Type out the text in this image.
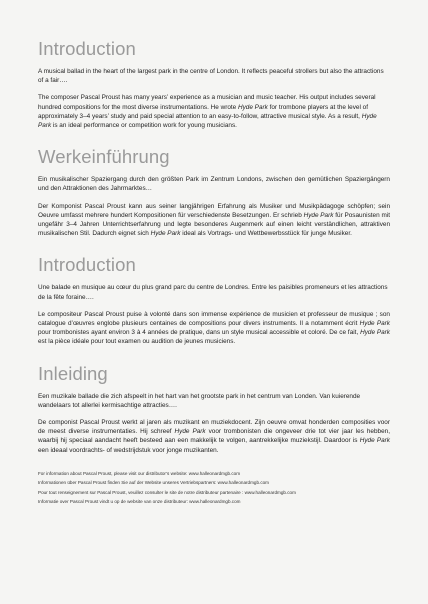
Introduction

A musical ballad in the heart of the largest park in the centre of London. It reflects peaceful strollers but also the attractions of a fair….

The composer Pascal Proust has many years’ experience as a musician and music teacher. His output includes several hundred compositions for the most diverse instrumentations. He wrote Hyde Park for trombone players at the level of approximately 3–4 years’ study and paid special attention to an easy-to-follow, attractive musical style. As a result, Hyde Park is an ideal performance or competition work for young musicians.

Werkeinführung

Ein musikalischer Spaziergang durch den größten Park im Zentrum Londons, zwischen den gemütlichen Spaziergängern und den Attraktionen des Jahrmarktes…

Der Komponist Pascal Proust kann aus seiner langjährigen Erfahrung als Musiker und Musikpädagoge schöpfen; sein Oeuvre umfasst mehrere hundert Kompositionen für verschiedenste Besetzungen. Er schrieb Hyde Park für Posaunisten mit ungefähr 3–4 Jahren Unterrichtserfahrung und legte besonderes Augenmerk auf einen leicht verständlichen, attraktiven musikalischen Stil. Dadurch eignet sich Hyde Park ideal als Vortrags- und Wettbewerbsstück für junge Musiker.

Introduction

Une balade en musique au cœur du plus grand parc du centre de Londres. Entre les paisibles promeneurs et les attractions de la fête foraine….

Le compositeur Pascal Proust puise à volonté dans son immense expérience de musicien et professeur de musique ; son catalogue d’œuvres englobe plusieurs centaines de compositions pour divers instruments. Il a notamment écrit Hyde Park pour trombonistes ayant environ 3 à 4 années de pratique, dans un style musical accessible et coloré. De ce fait, Hyde Park est la pièce idéale pour tout examen ou audition de jeunes musiciens.

Inleiding

Een muzikale ballade die zich afspeelt in het hart van het grootste park in het centrum van Londen. Van kuierende wandelaars tot allerlei kermisachtige attracties….

De componist Pascal Proust werkt al jaren als muzikant en muziekdocent. Zijn oeuvre omvat honderden composities voor de meest diverse instrumentaties. Hij schreef Hyde Park voor trombonisten die ongeveer drie tot vier jaar les hebben, waarbij hij speciaal aandacht heeft besteed aan een makkelijk te volgen, aantrekkelijke muziekstijl. Daardoor is Hyde Park een ideaal voordrachts- of wedstrijdstuk voor jonge muzikanten.

For information about Pascal Proust, please visit our distributor’s website: www.halleonardmgb.com

Informationen über Pascal Proust finden Sie auf der Website unseres Vertriebspartners: www.halleonardmgb.com

Pour tout renseignement sur Pascal Proust, veuillez consulter le site de notre distributeur partenaire : www.halleonardmgb.com

Informatie over Pascal Proust vindt u op de website van onze distributeur: www.halleonardmgb.com
